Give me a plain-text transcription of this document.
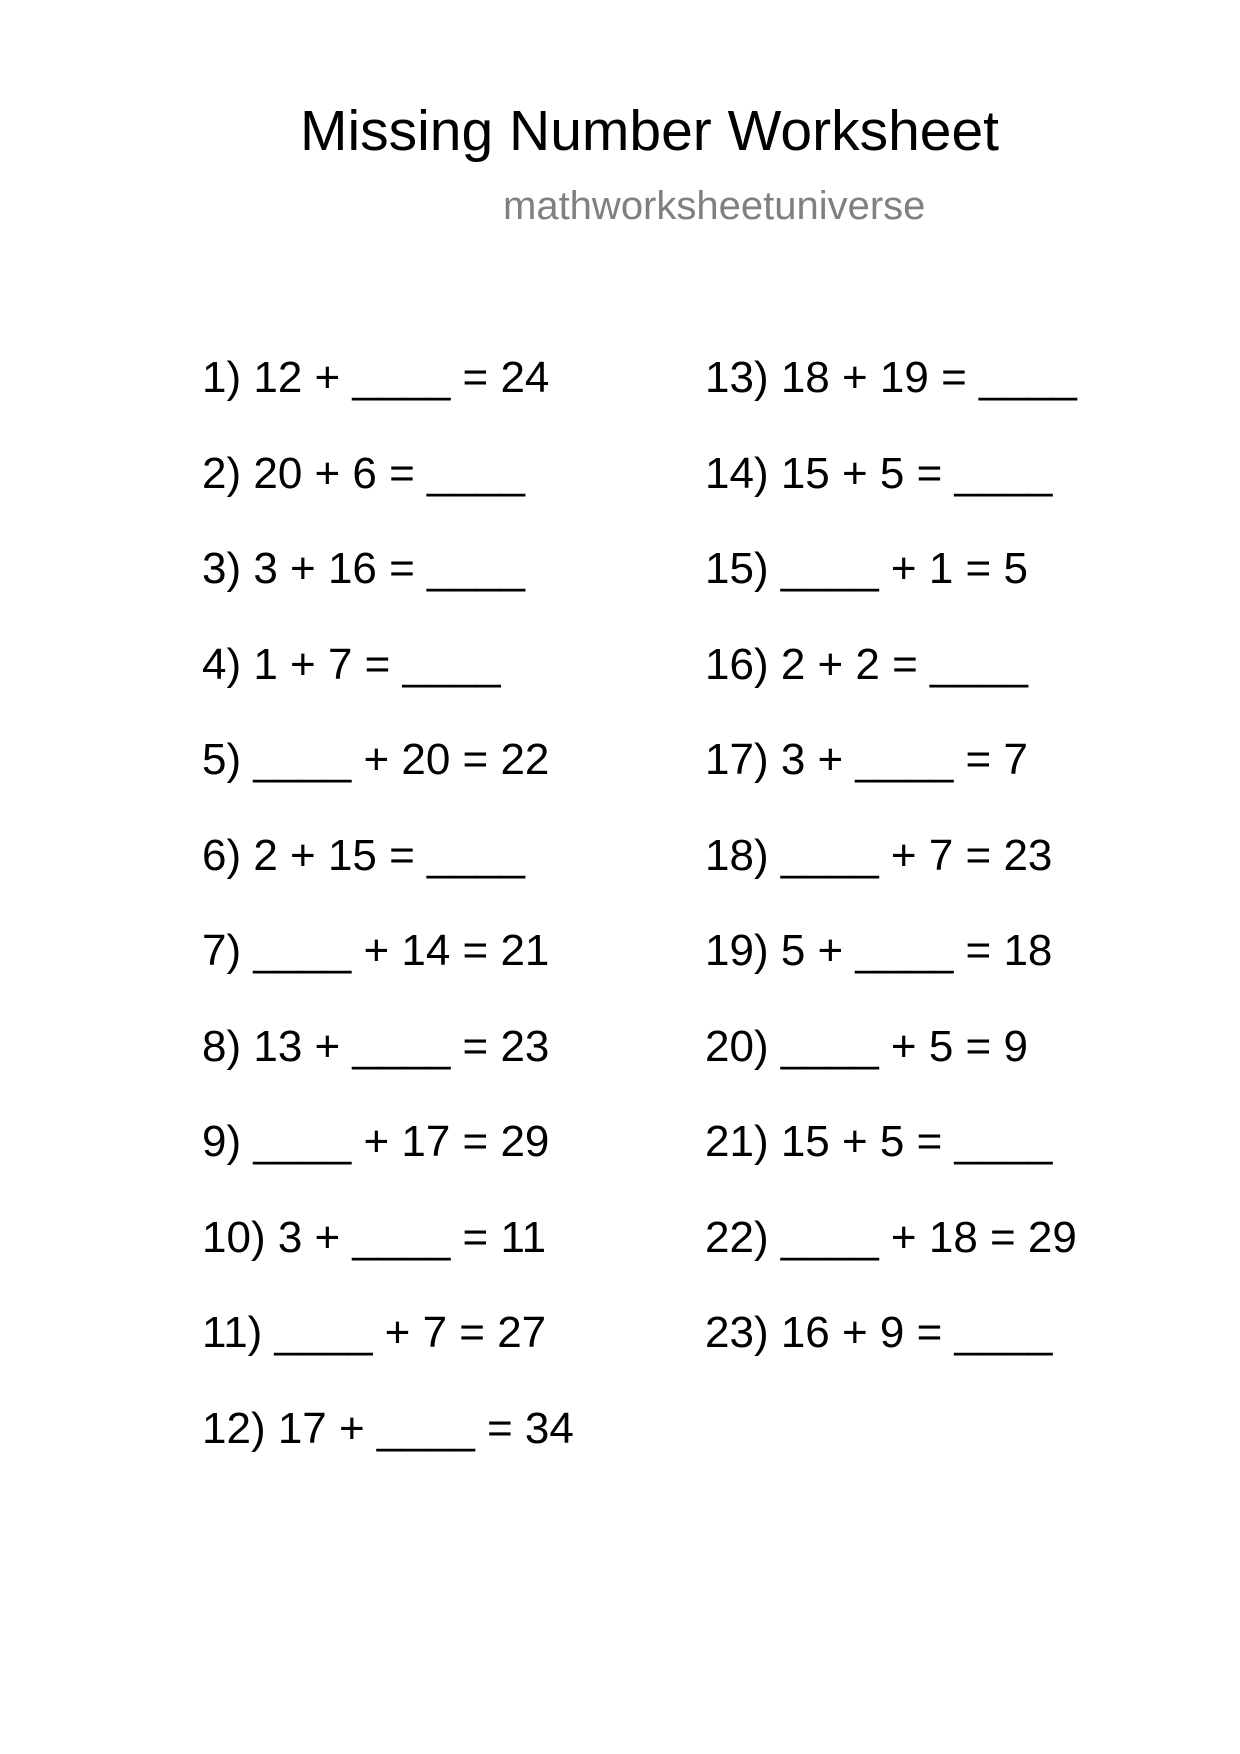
Missing Number Worksheet
mathworksheetuniverse
1) 12 + ____ = 24
2) 20 + 6 = ____
3) 3 + 16 = ____
4) 1 + 7 = ____
5) ____ + 20 = 22
6) 2 + 15 = ____
7) ____ + 14 = 21
8) 13 + ____ = 23
9) ____ + 17 = 29
10) 3 + ____ = 11
11) ____ + 7 = 27
12) 17 + ____ = 34
13) 18 + 19 = ____
14) 15 + 5 = ____
15) ____ + 1 = 5
16) 2 + 2 = ____
17) 3 + ____ = 7
18) ____ + 7 = 23
19) 5 + ____ = 18
20) ____ + 5 = 9
21) 15 + 5 = ____
22) ____ + 18 = 29
23) 16 + 9 = ____
